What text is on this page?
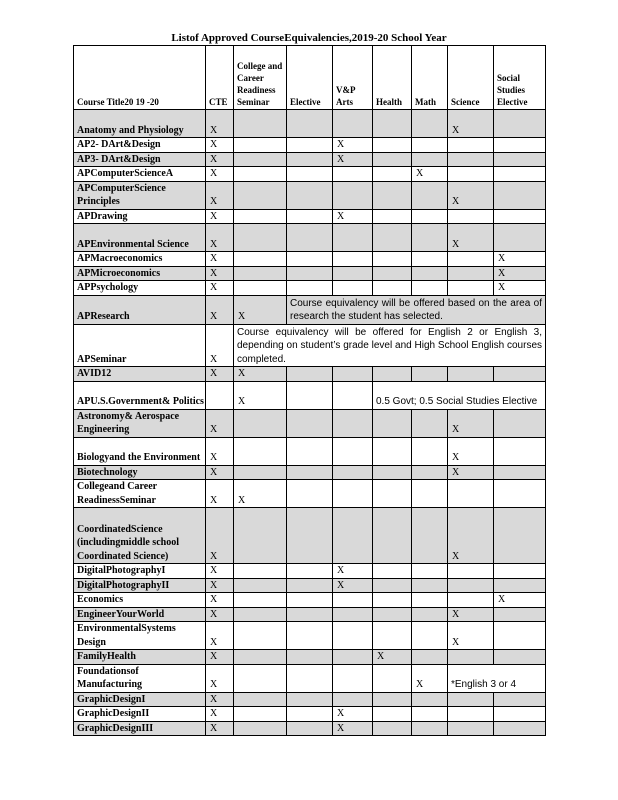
Listof Approved CourseEquivalencies,2019-20 School Year
Course Title20 19 -20	CTE	College and Career Readiness Seminar	Elective	V&P Arts	Health	Math	Science	Social Studies Elective
Anatomy and Physiology	X						X	
AP2- DArt&Design	X			X				
AP3- DArt&Design	X			X				
APComputerScienceA	X					X		
APComputerScience Principles	X						X	
APDrawing	X			X				
APEnvironmental Science	X						X	
APMacroeconomics	X							X
APMicroeconomics	X							X
APPsychology	X							X
APResearch	X	X	Course equivalency will be offered based on the area of research the student has selected.					
APSeminar	X	Course equivalency will be offered for English 2 or English 3, depending on student’s grade level and High School English courses completed.						
AVID12	X	X						
APU.S.Government& Politics		X			0.5 Govt; 0.5 Social Studies Elective			
Astronomy& Aerospace Engineering	X						X	
Biologyand the Environment	X						X	
Biotechnology	X						X	
Collegeand Career ReadinessSeminar	X	X						
CoordinatedScience (includingmiddle school Coordinated Science)	X						X	
DigitalPhotographyI	X			X				
DigitalPhotographyII	X			X				
Economics	X							X
EngineerYourWorld	X						X	
EnvironmentalSystems Design	X						X	
FamilyHealth	X				X			
Foundationsof Manufacturing	X					X	*English 3 or 4	
GraphicDesignI	X							
GraphicDesignII	X			X				
GraphicDesignIII	X			X				
